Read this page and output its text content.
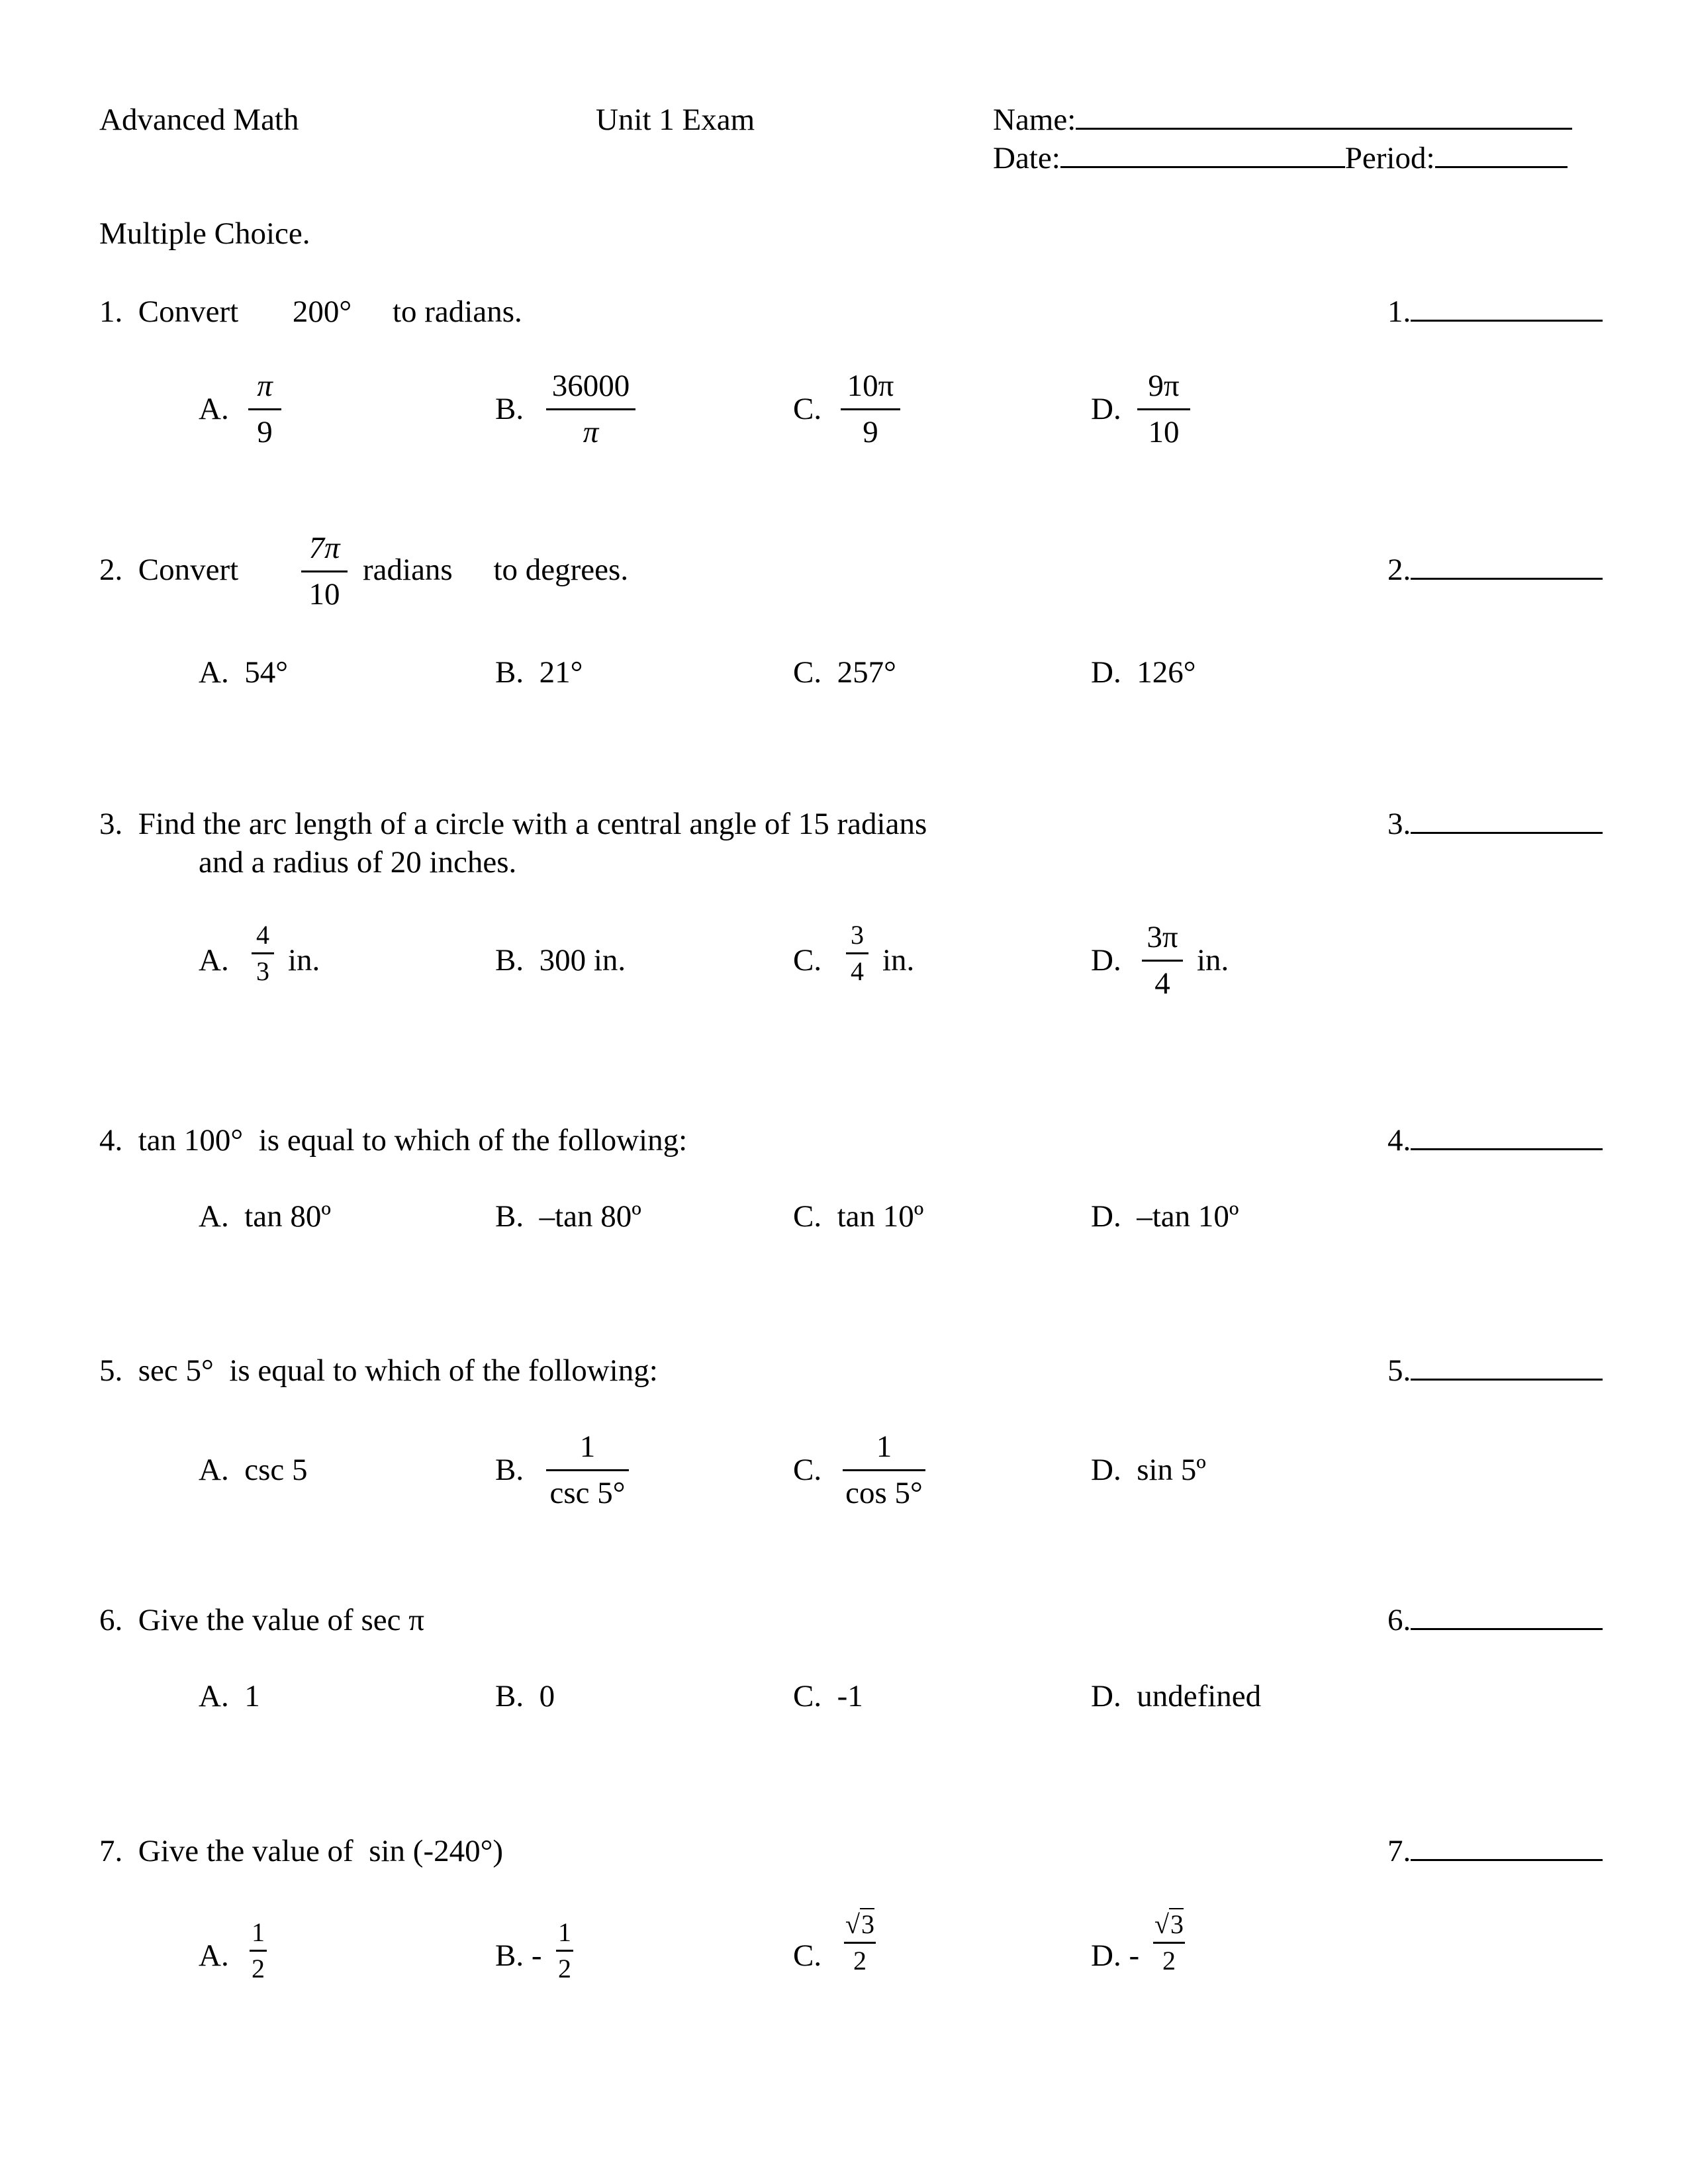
Advanced Math	Unit 1 Exam	Name:
Date:	Period:
Multiple Choice.
1. Convert 200° to radians.	1.
A.
π
9
B.
36000
π
C.
10π
9
D.
9π
10
2. Convert
7π
10
radians to degrees.	2.
A. 54°	B. 21°	C. 257°	D. 126°
3. Find the arc length of a circle with a central angle of 15 radians
and a radius of 20 inches.
3.
A.
4
3 in.	B. 300 in.	C.
3
4 in.	D.
3π
4
in.
4. tan 100° is equal to which of the following:	4.
A. tan 80º	B. –tan 80º	C. tan 10º	D. –tan 10º
5. sec 5° is equal to which of the following:	5.
A. csc 5	B.
1
csc 5°
C.
1
cos 5°
D. sin 5º
6. Give the value of sec π	6.
A. 1	B. 0	C. -1	D. undefined
7. Give the value of  sin (-240°)	7.
A.
1
2	B. -
1
2	C.
√3
2	D. -
√3
2
